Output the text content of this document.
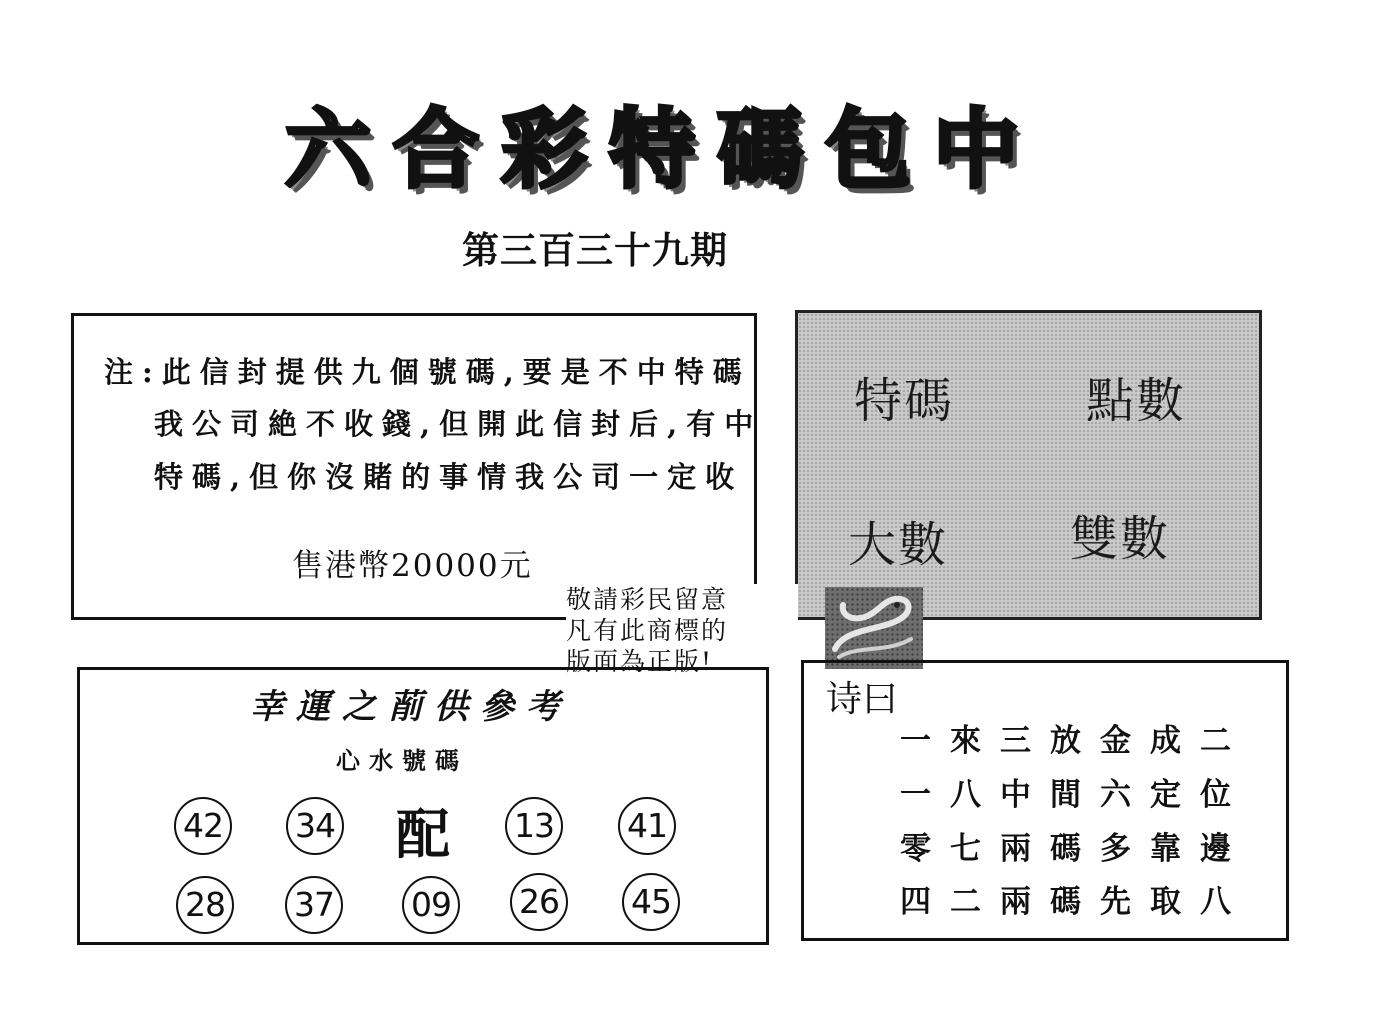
六合彩特碼包中
第三百三十九期
注:此信封提供九個號碼,要是不中特碼
我公司絶不收錢,但開此信封后,有中
特碼,但你沒賭的事情我公司一定收
售港幣20000元
特碼	點數
大數	雙數
敬請彩民留意
凡有此商標的
版面為正版!
幸運之萷供參考
心水號碼
42 34 配 13 41
28 37 09 26 45
诗曰
一來三放金成二
一八中間六定位
零七兩碼多靠邊
四二兩碼先取八
